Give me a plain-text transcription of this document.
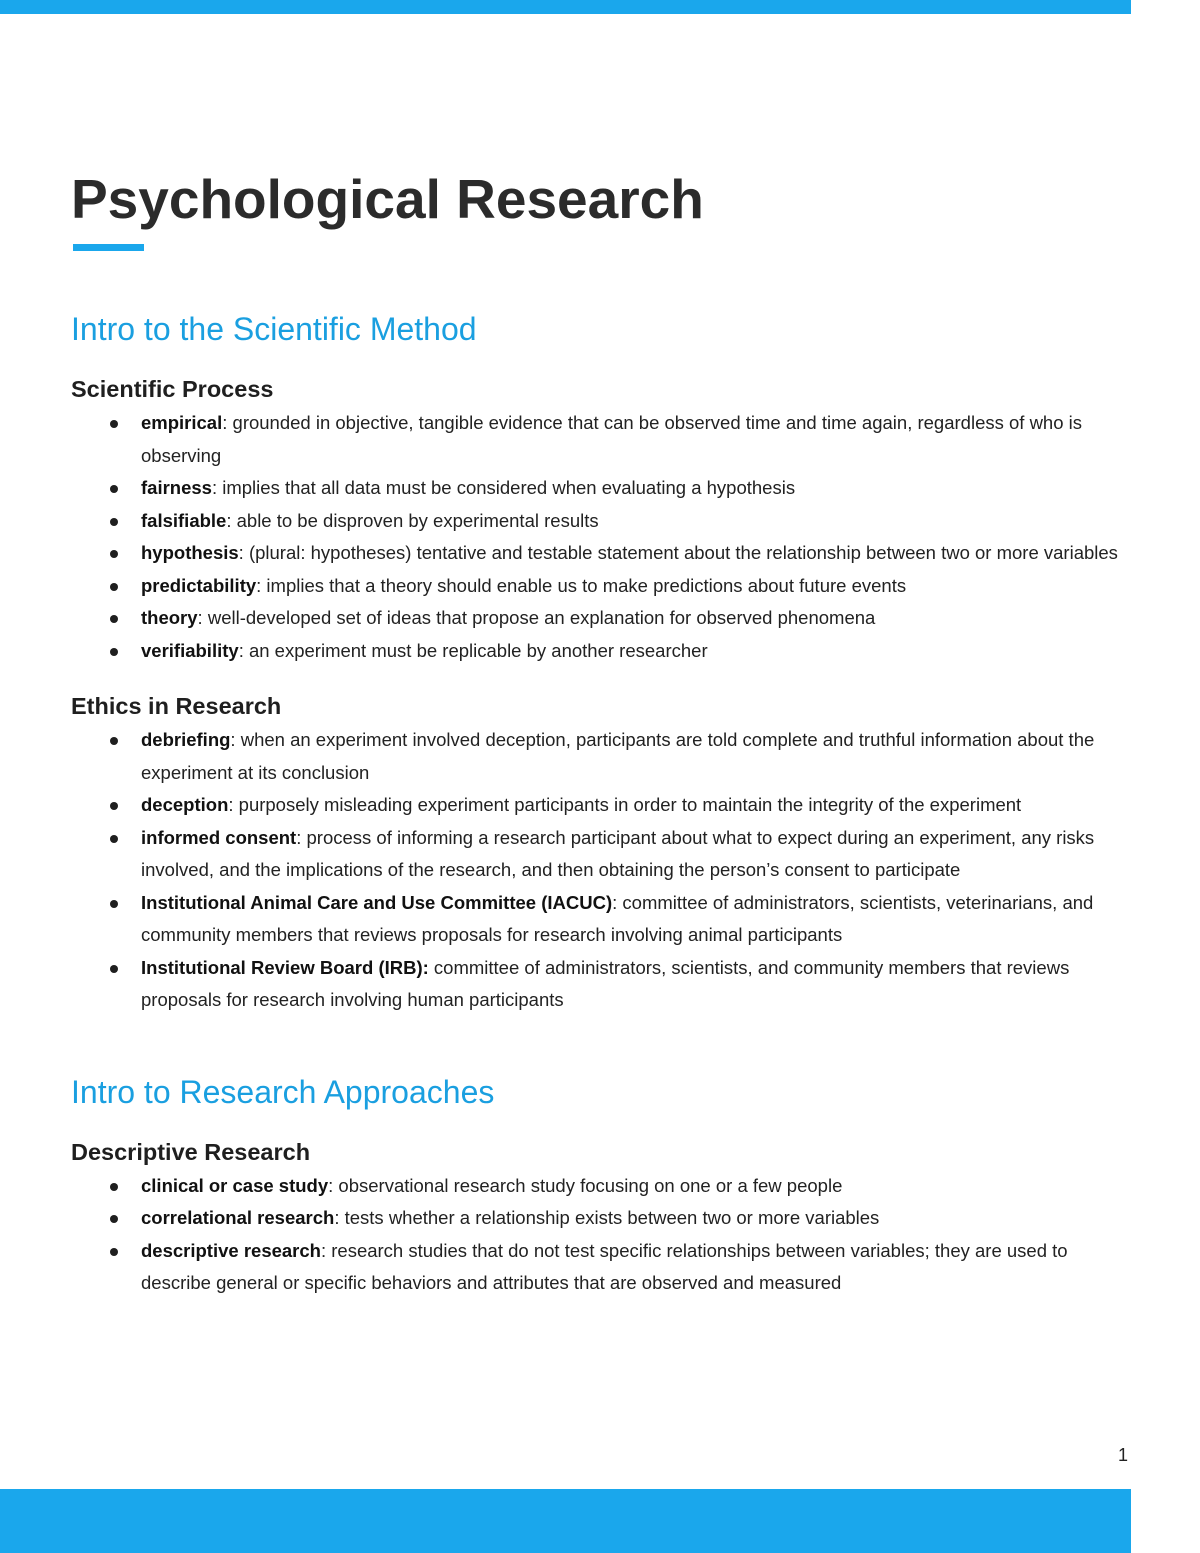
Psychological Research
Intro to the Scientific Method
Scientific Process
empirical: grounded in objective, tangible evidence that can be observed time and time again, regardless of who is observing
fairness: implies that all data must be considered when evaluating a hypothesis
falsifiable: able to be disproven by experimental results
hypothesis: (plural: hypotheses) tentative and testable statement about the relationship between two or more variables
predictability: implies that a theory should enable us to make predictions about future events
theory: well-developed set of ideas that propose an explanation for observed phenomena
verifiability: an experiment must be replicable by another researcher
Ethics in Research
debriefing: when an experiment involved deception, participants are told complete and truthful information about the experiment at its conclusion
deception: purposely misleading experiment participants in order to maintain the integrity of the experiment
informed consent: process of informing a research participant about what to expect during an experiment, any risks involved, and the implications of the research, and then obtaining the person’s consent to participate
Institutional Animal Care and Use Committee (IACUC): committee of administrators, scientists, veterinarians, and community members that reviews proposals for research involving animal participants
Institutional Review Board (IRB): committee of administrators, scientists, and community members that reviews proposals for research involving human participants
Intro to Research Approaches
Descriptive Research
clinical or case study: observational research study focusing on one or a few people
correlational research: tests whether a relationship exists between two or more variables
descriptive research: research studies that do not test specific relationships between variables; they are used to describe general or specific behaviors and attributes that are observed and measured
1
